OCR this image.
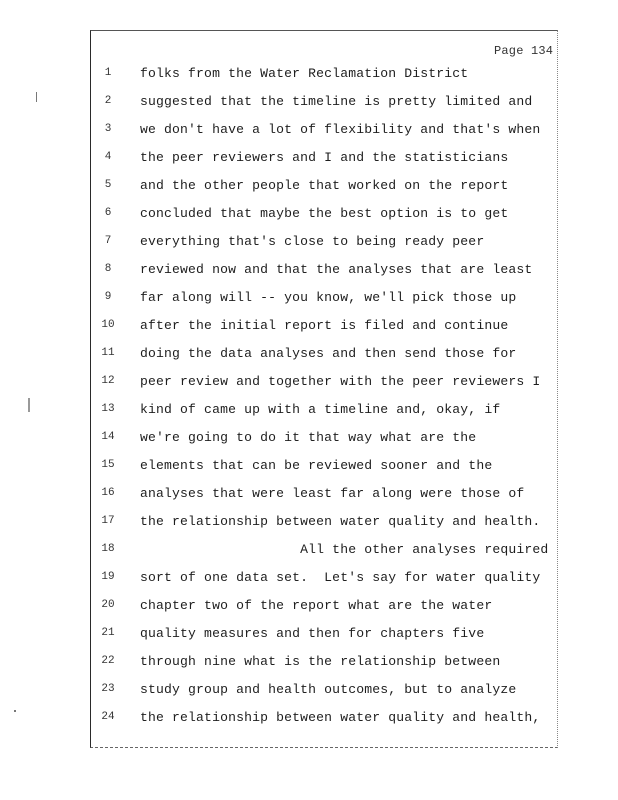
Page 134
1	folks from the Water Reclamation District
2	suggested that the timeline is pretty limited and
3	we don't have a lot of flexibility and that's when
4	the peer reviewers and I and the statisticians
5	and the other people that worked on the report
6	concluded that maybe the best option is to get
7	everything that's close to being ready peer
8	reviewed now and that the analyses that are least
9	far along will -- you know, we'll pick those up
10	after the initial report is filed and continue
11	doing the data analyses and then send those for
12	peer review and together with the peer reviewers I
13	kind of came up with a timeline and, okay, if
14	we're going to do it that way what are the
15	elements that can be reviewed sooner and the
16	analyses that were least far along were those of
17	the relationship between water quality and health.
18	All the other analyses required
19	sort of one data set.  Let's say for water quality
20	chapter two of the report what are the water
21	quality measures and then for chapters five
22	through nine what is the relationship between
23	study group and health outcomes, but to analyze
24	the relationship between water quality and health,
